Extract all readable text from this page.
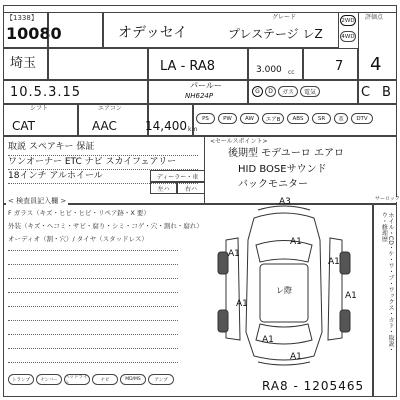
【1338】
10080	オデッセイ
グレード
プレステージ レZ
2WD
4WD
評価点
4
埼玉	LA - RA8	3.000 cc	7
10.5.3.15	パールー
NH624P
G	D	ガス	電気	C B
シフト
CAT
エアコン
AAC 14,400 km
PS	PW	AW	エアB	ABS	SR	革	DTV
取説 スペアキー 保証
ワンオーナー ETC ナビ スカイフェアリー
18インチ アルホイール
<セールスポイント>
後期型 モデユーロ エアロ
HID BOSEサウンド
バックモニター
ディーラー・車
左ハ	右ハ
< 検査員記入欄 >
F ガラス（キズ・ヒビ・ヒビ・リペア跡・X 要）
外装（キズ・ヘコミ・サビ・腐り・シミ・コゲ・穴・割れ・腐れ）
オーディオ（割・穴）/ タイヤ（スタッドレス）
A3
A1
A1
A1
A1
A1
A1
A1
レ際
RA8 - 1205465
サーロック
ホイル・CD・ケ・ワ・ブ・ワックス・カド・取説・ウ・修理歴
トランプ	ナンバー
ヘッドライト
ナビ	MD/MS	アンプ
